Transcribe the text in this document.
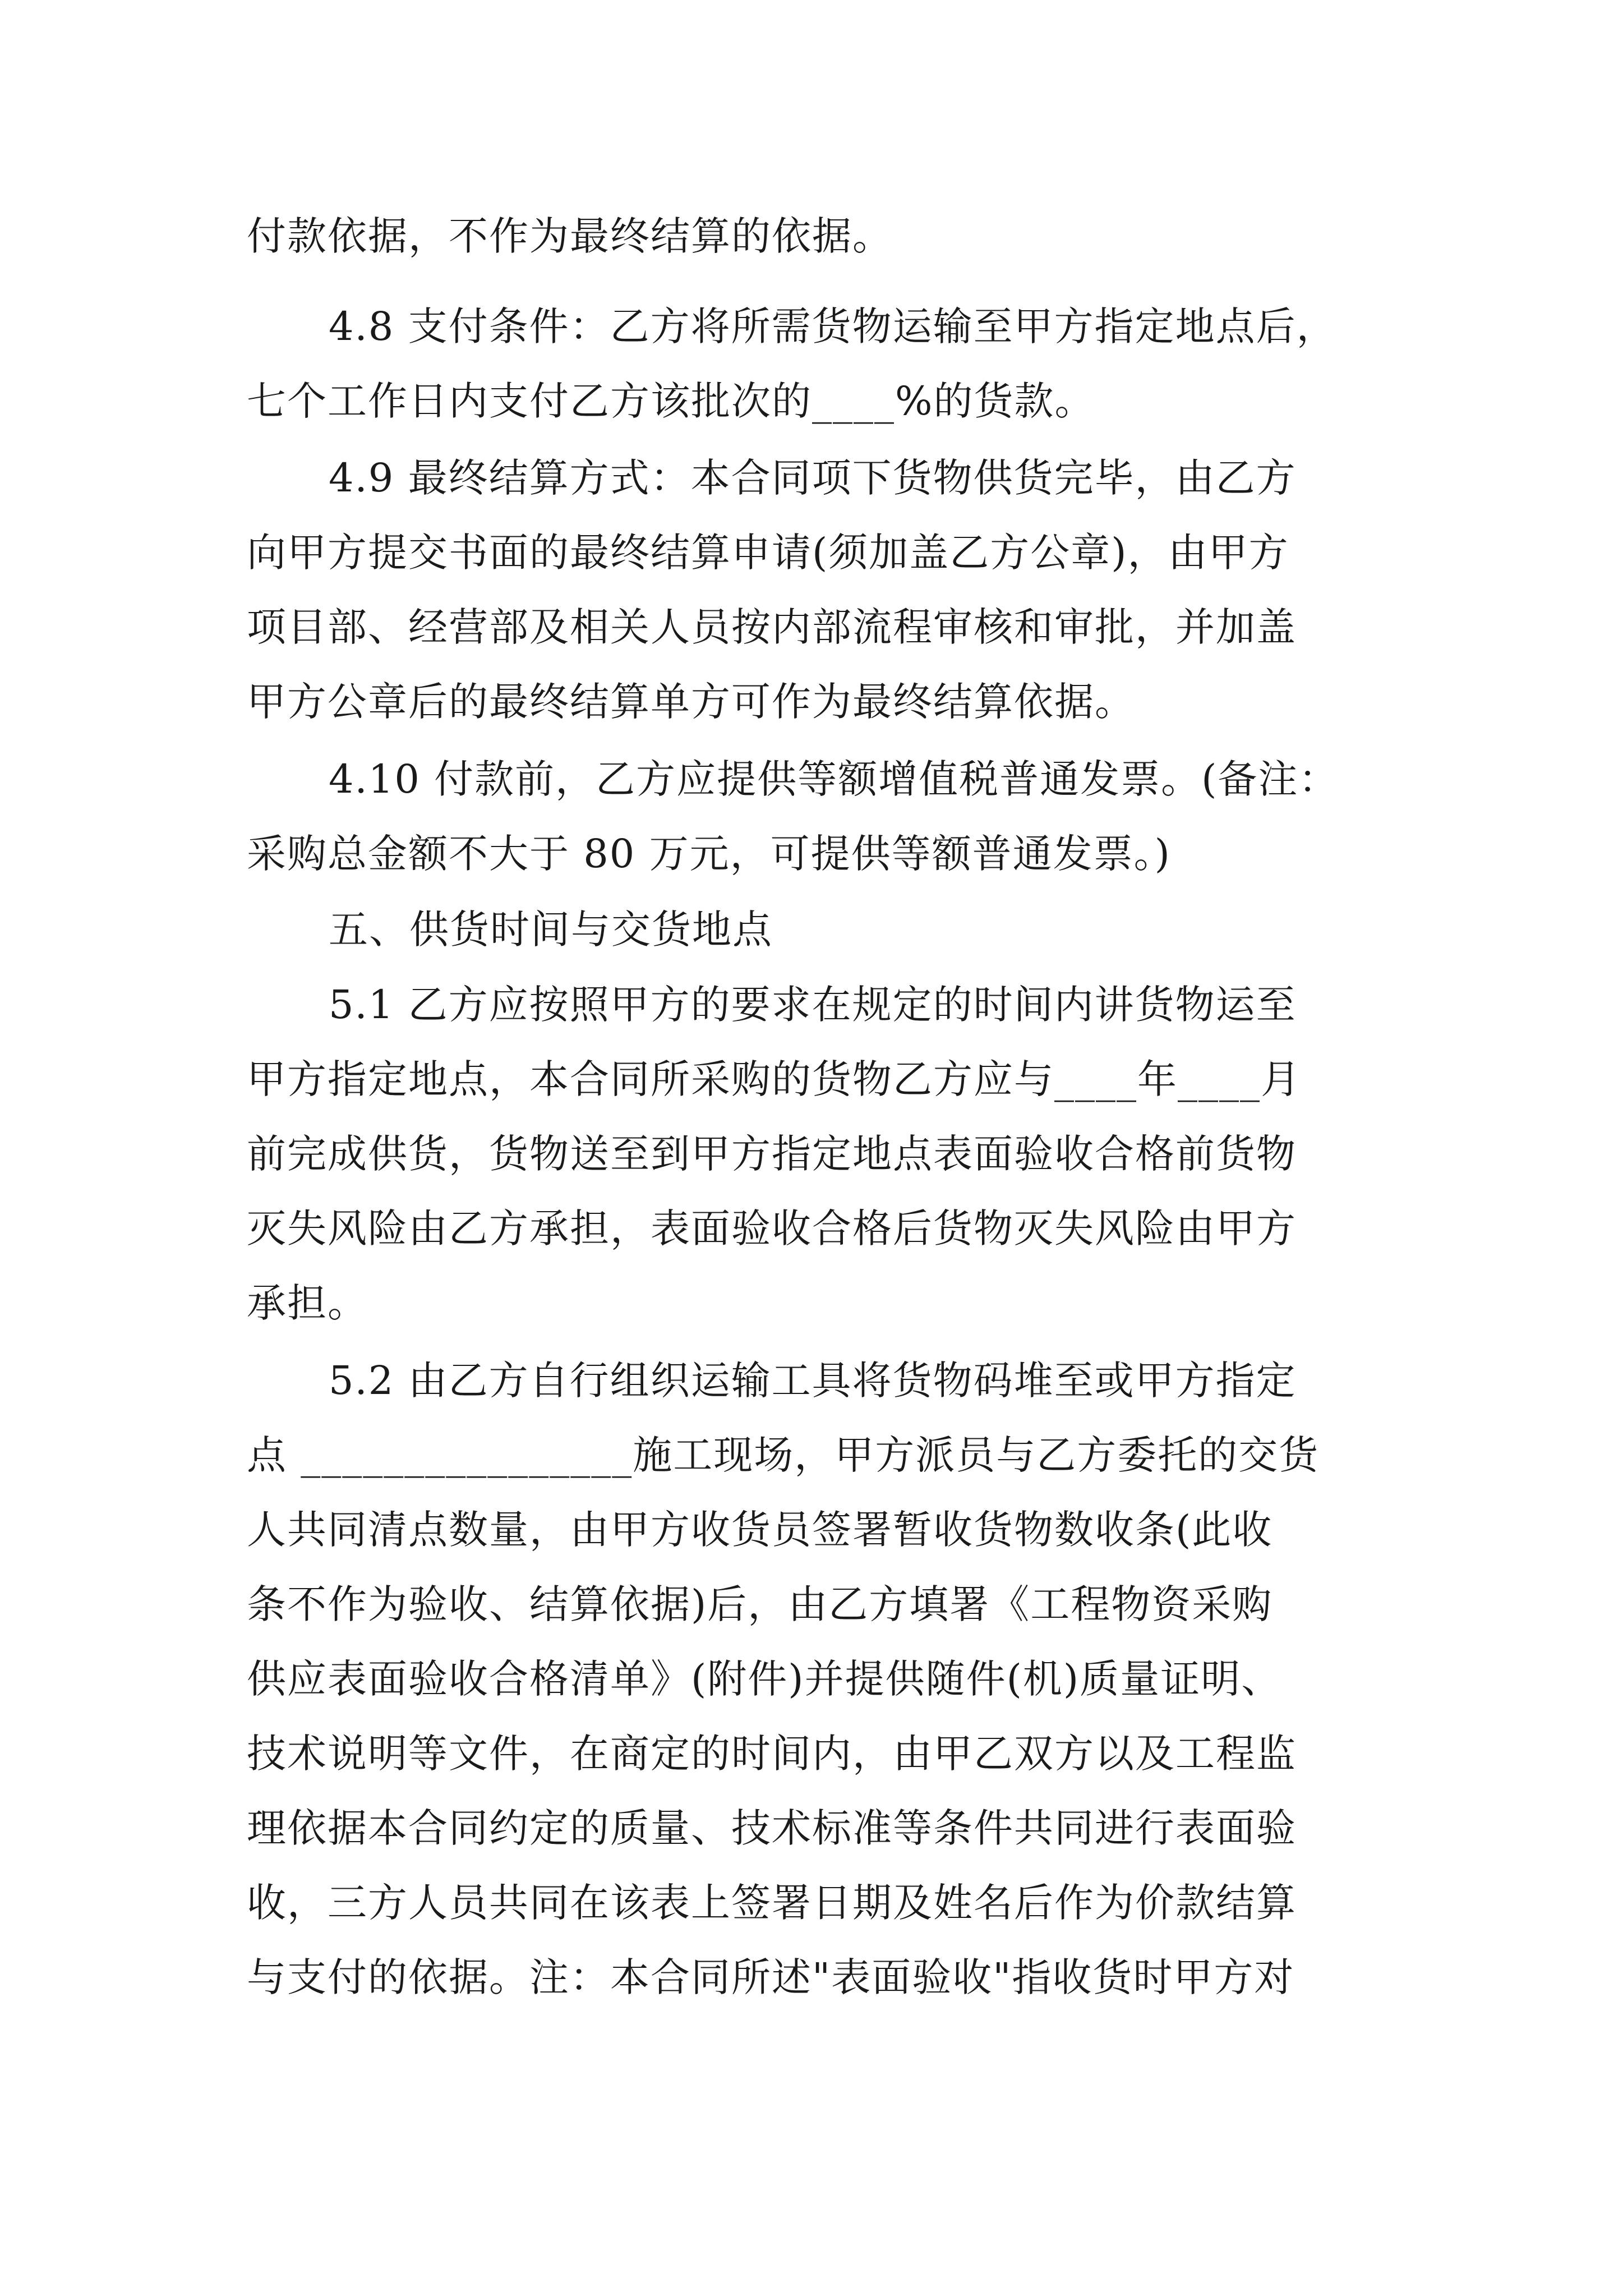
付款依据，不作为最终结算的依据。
4.8 支付条件：乙方将所需货物运输至甲方指定地点后，
七个工作日内支付乙方该批次的____%的货款。
4.9 最终结算方式：本合同项下货物供货完毕，由乙方
向甲方提交书面的最终结算申请(须加盖乙方公章)，由甲方
项目部、经营部及相关人员按内部流程审核和审批，并加盖
甲方公章后的最终结算单方可作为最终结算依据。
4.10 付款前，乙方应提供等额增值税普通发票。(备注：
采购总金额不大于 80 万元，可提供等额普通发票。)
五、供货时间与交货地点
5.1 乙方应按照甲方的要求在规定的时间内讲货物运至
甲方指定地点，本合同所采购的货物乙方应与____年____月
前完成供货，货物送至到甲方指定地点表面验收合格前货物
灭失风险由乙方承担，表面验收合格后货物灭失风险由甲方
承担。
5.2 由乙方自行组织运输工具将货物码堆至或甲方指定
点 ________________施工现场，甲方派员与乙方委托的交货
人共同清点数量，由甲方收货员签署暂收货物数收条(此收
条不作为验收、结算依据)后，由乙方填署《工程物资采购
供应表面验收合格清单》(附件)并提供随件(机)质量证明、
技术说明等文件，在商定的时间内，由甲乙双方以及工程监
理依据本合同约定的质量、技术标准等条件共同进行表面验
收，三方人员共同在该表上签署日期及姓名后作为价款结算
与支付的依据。注：本合同所述"表面验收"指收货时甲方对
